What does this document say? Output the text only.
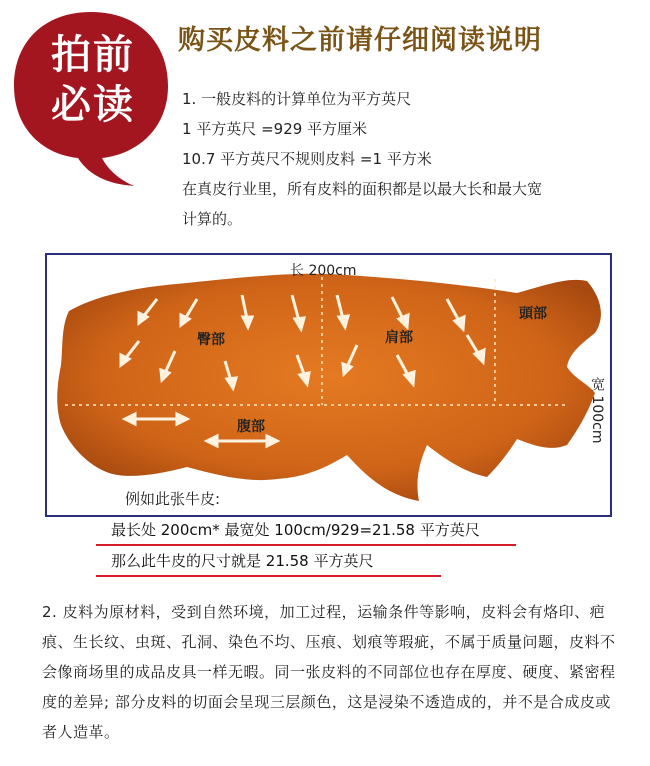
拍前
必读
购买皮料之前请仔细阅读说明

1. 一般皮料的计算单位为平方英尺

1 平方英尺 =929 平方厘米

10.7 平方英尺不规则皮料 =1 平方米

在真皮行业里，所有皮料的面积都是以最大长和最大宽

计算的。

长 200cm
臀部	肩部
頭部
腹部	宽 100cm
例如此张牛皮:
最长处 200cm* 最宽处 100cm/929=21.58 平方英尺
那么此牛皮的尺寸就是 21.58 平方英尺
2. 皮料为原材料，受到自然环境，加工过程，运输条件等影响，皮料会有烙印、疤痕、生长纹、虫斑、孔洞、染色不均、压痕、划痕等瑕疵，不属于质量问题，皮料不会像商场里的成品皮具一样无暇。同一张皮料的不同部位也存在厚度、硬度、紧密程度的差异; 部分皮料的切面会呈现三层颜色，这是浸染不透造成的，并不是合成皮或者人造革。
